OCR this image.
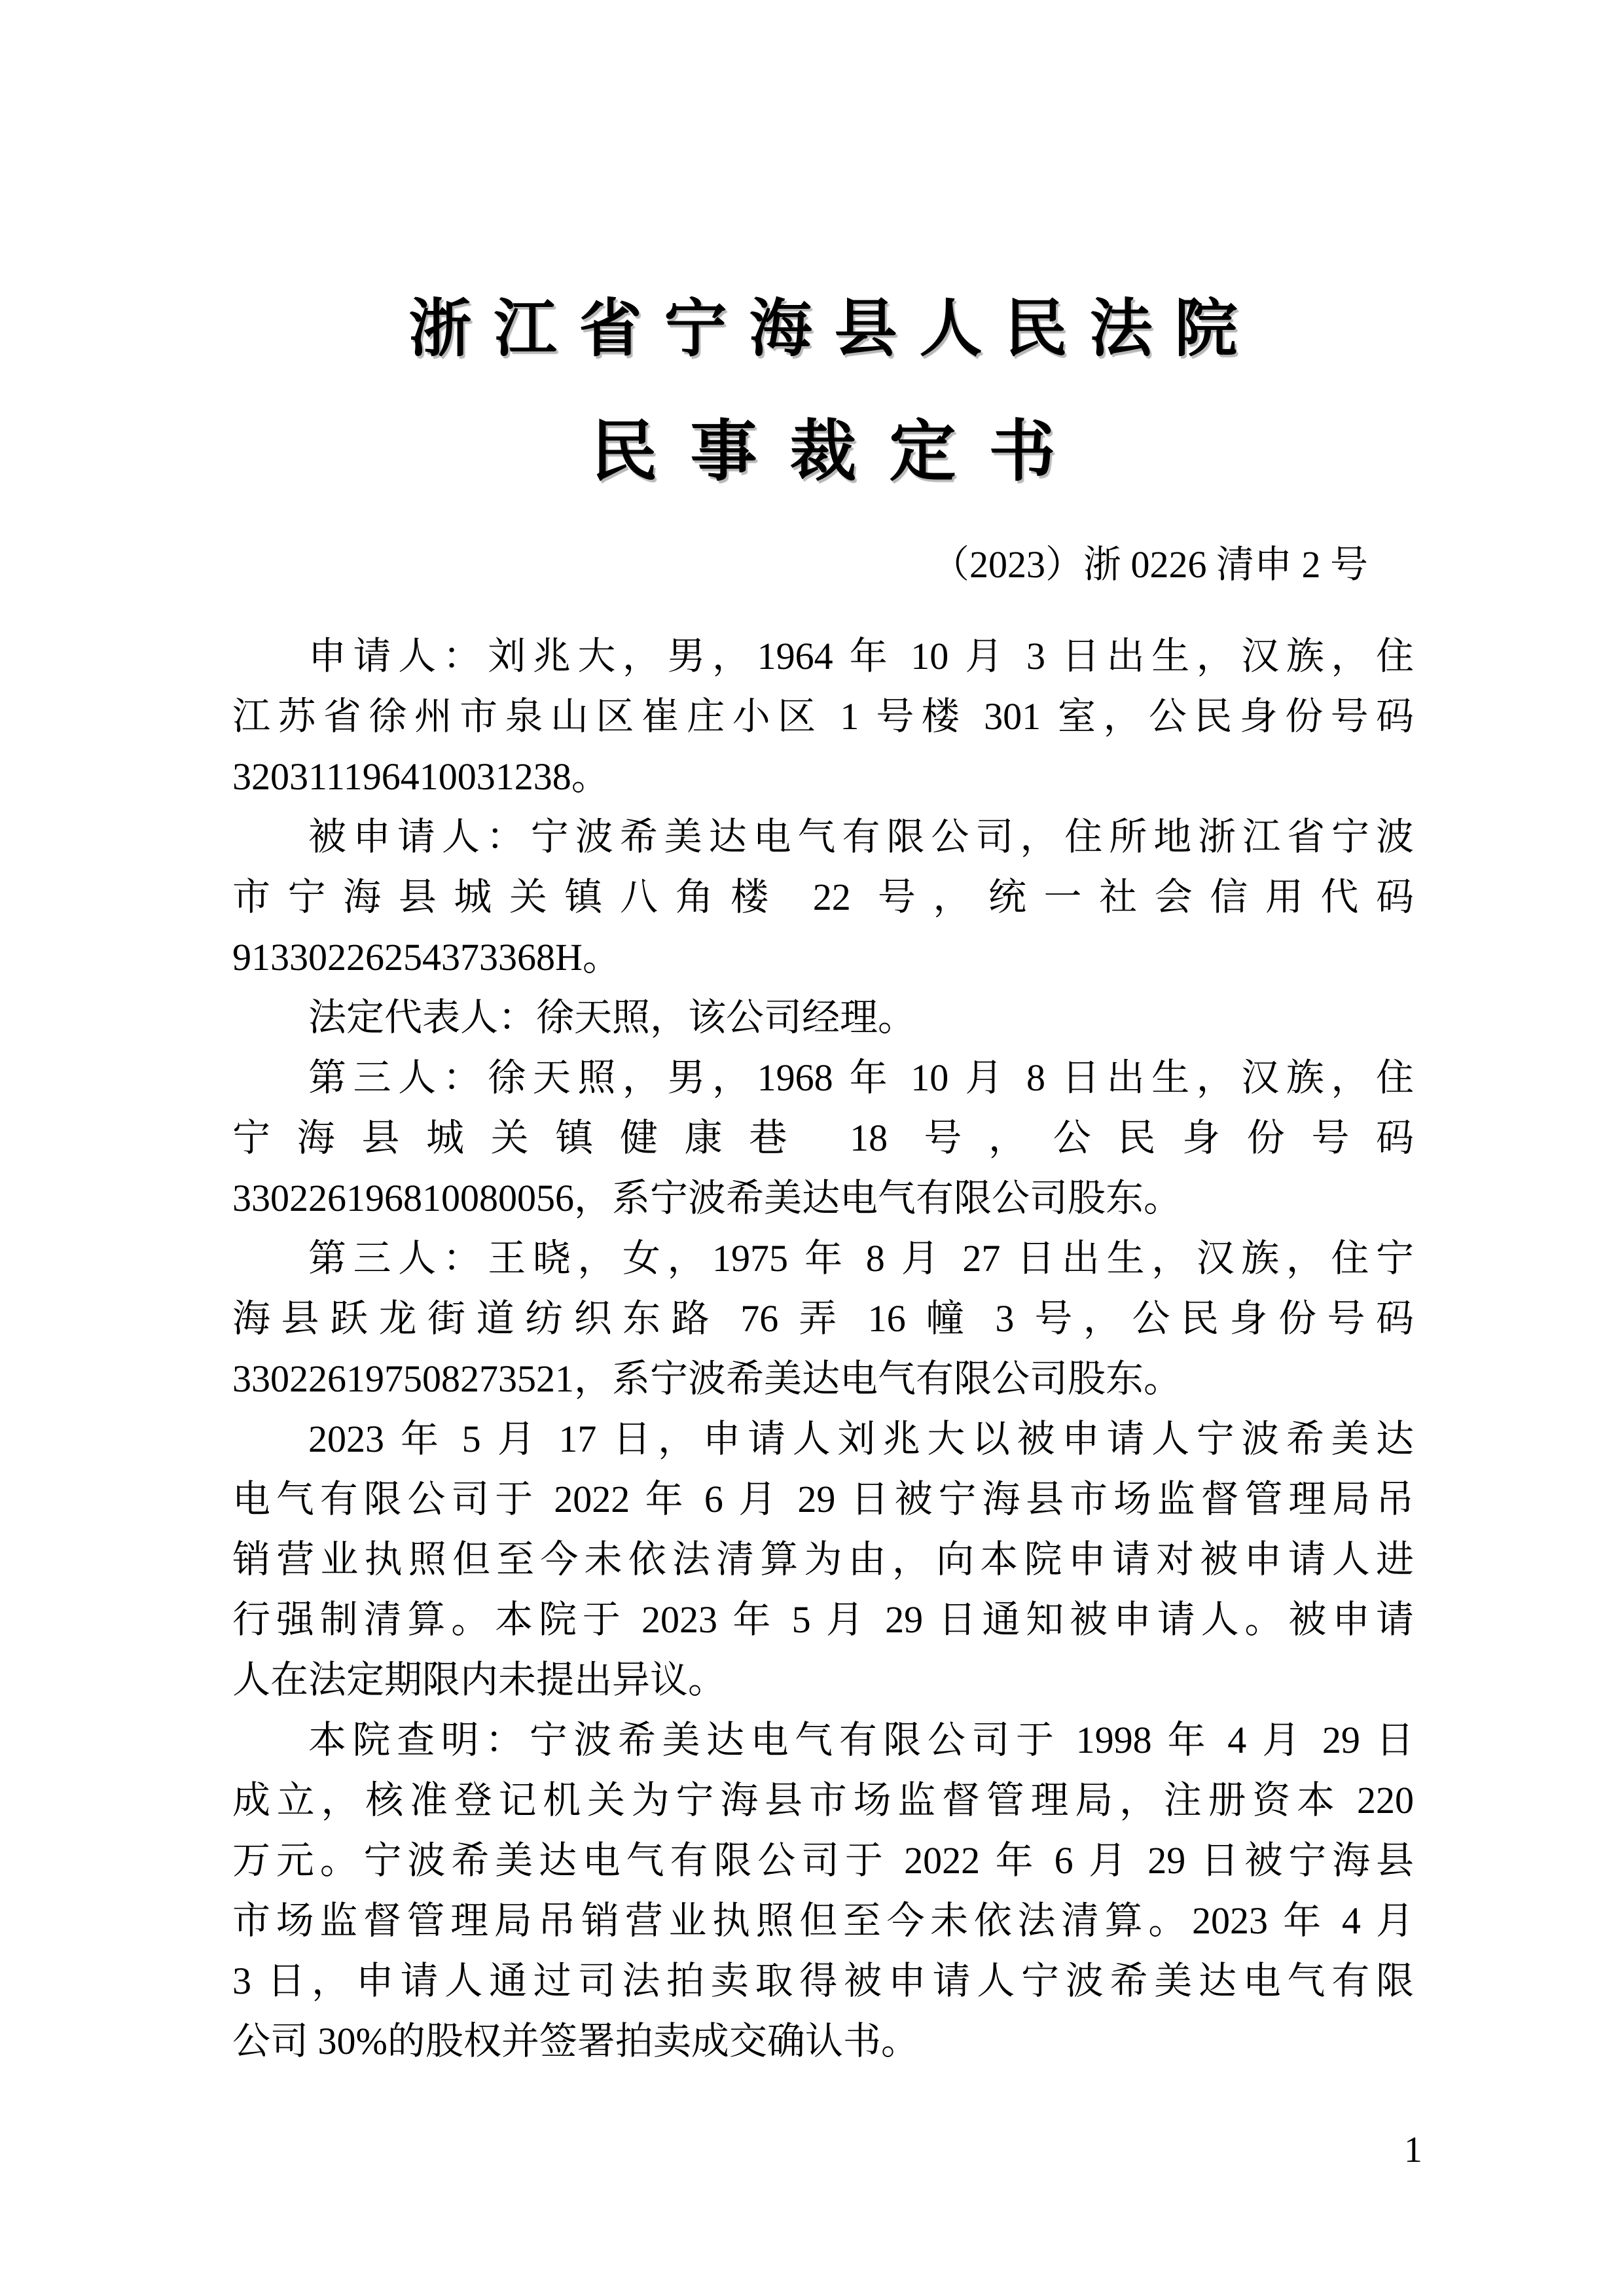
浙江省宁海县人民法院
民事裁定书
（2023）浙 0226 清申 2 号
申请人：刘兆大，男，1964 年 10 月 3 日出生，汉族，住
江苏省徐州市泉山区崔庄小区 1 号楼 301 室，公民身份号码
320311196410031238。
被申请人：宁波希美达电气有限公司，住所地浙江省宁波
市宁海县城关镇八角楼 22 号，统一社会信用代码
91330226254373368H。
法定代表人：徐天照，该公司经理。
第三人：徐天照，男，1968 年 10 月 8 日出生，汉族，住
宁海县城关镇健康巷 18 号，公民身份号码
330226196810080056，系宁波希美达电气有限公司股东。
第三人：王晓，女，1975 年 8 月 27 日出生，汉族，住宁
海县跃龙街道纺织东路 76 弄 16 幢 3 号，公民身份号码
330226197508273521，系宁波希美达电气有限公司股东。
2023 年 5 月 17 日，申请人刘兆大以被申请人宁波希美达
电气有限公司于 2022 年 6 月 29 日被宁海县市场监督管理局吊
销营业执照但至今未依法清算为由，向本院申请对被申请人进
行强制清算。本院于 2023 年 5 月 29 日通知被申请人。被申请
人在法定期限内未提出异议。
本院查明：宁波希美达电气有限公司于 1998 年 4 月 29 日
成立，核准登记机关为宁海县市场监督管理局，注册资本 220
万元。宁波希美达电气有限公司于 2022 年 6 月 29 日被宁海县
市场监督管理局吊销营业执照但至今未依法清算。2023 年 4 月
3 日，申请人通过司法拍卖取得被申请人宁波希美达电气有限
公司 30%的股权并签署拍卖成交确认书。
1
